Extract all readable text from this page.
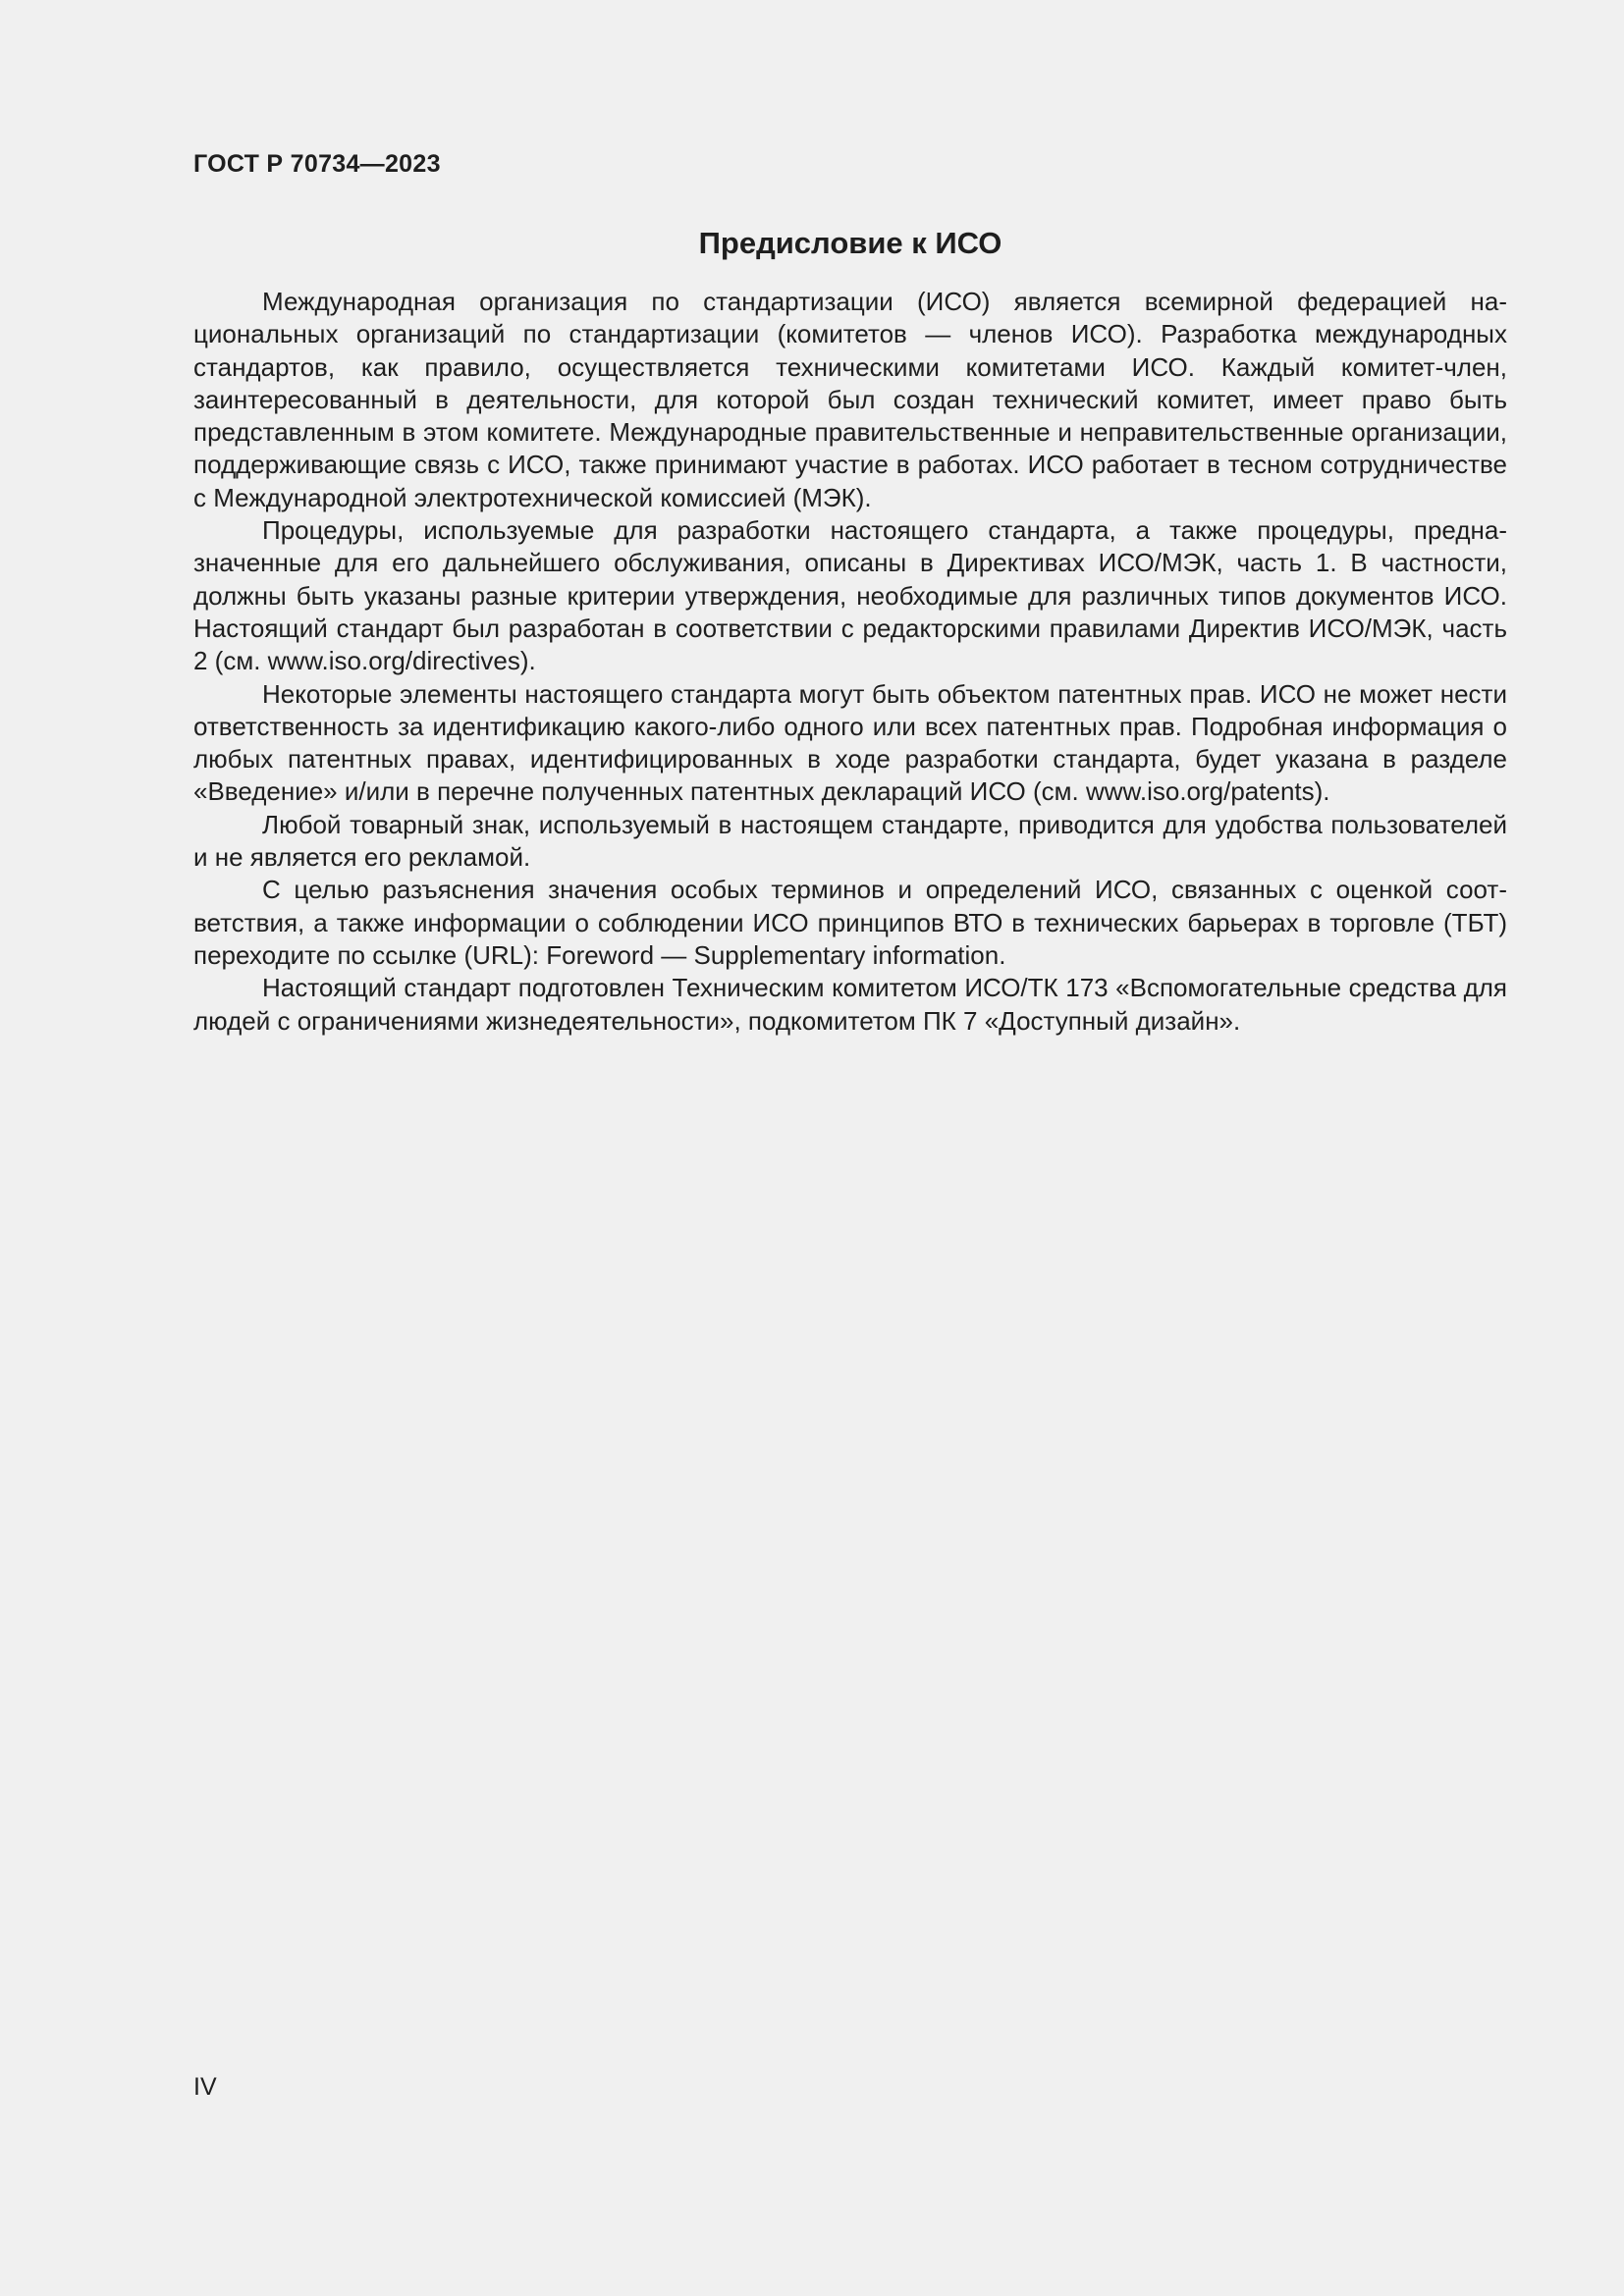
ГОСТ Р 70734—2023

Предисловие к ИСО

Международная организация по стандартизации (ИСО) является всемирной федерацией национальных организаций по стандартизации (комитетов — членов ИСО). Разработка международных стандартов, как правило, осуществляется техническими комитетами ИСО. Каждый комитет-член, заинтересованный в деятельности, для которой был создан технический комитет, имеет право быть представленным в этом комитете. Международные правительственные и неправительственные организации, поддерживающие связь с ИСО, также принимают участие в работах. ИСО работает в тесном сотрудничестве с Международной электротехнической комиссией (МЭК).

Процедуры, используемые для разработки настоящего стандарта, а также процедуры, предназначенные для его дальнейшего обслуживания, описаны в Директивах ИСО/МЭК, часть 1. В частности, должны быть указаны разные критерии утверждения, необходимые для различных типов документов ИСО. Настоящий стандарт был разработан в соответствии с редакторскими правилами Директив ИСО/МЭК, часть 2 (см. www.iso.org/directives).

Некоторые элементы настоящего стандарта могут быть объектом патентных прав. ИСО не может нести ответственность за идентификацию какого-либо одного или всех патентных прав. Подробная информация о любых патентных правах, идентифицированных в ходе разработки стандарта, будет указана в разделе «Введение» и/или в перечне полученных патентных деклараций ИСО (см. www.iso.​org/patents).

Любой товарный знак, используемый в настоящем стандарте, приводится для удобства пользователей и не является его рекламой.

С целью разъяснения значения особых терминов и определений ИСО, связанных с оценкой соответствия, а также информации о соблюдении ИСО принципов ВТО в технических барьерах в торговле (ТБТ) переходите по ссылке (URL): Foreword — Supplementary information.

Настоящий стандарт подготовлен Техническим комитетом ИСО/ТК 173 «Вспомогательные средства для людей с ограничениями жизнедеятельности», подкомитетом ПК 7 «Доступный дизайн».

IV
